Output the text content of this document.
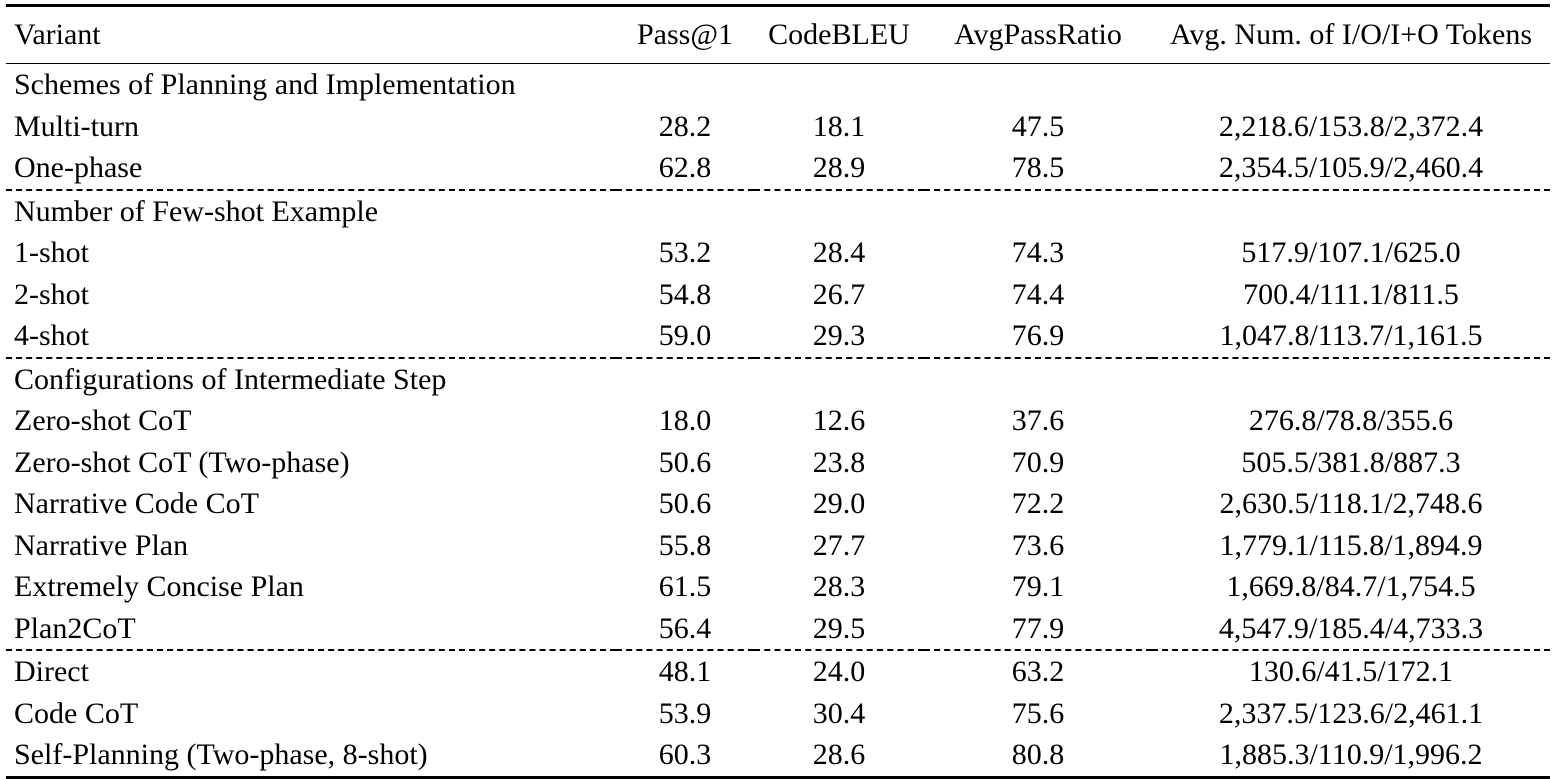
Variant	Pass@1	CodeBLEU	AvgPassRatio	Avg. Num. of I/O/I+O Tokens
Schemes of Planning and Implementation				
Multi-turn	28.2	18.1	47.5	2,218.6/153.8/2,372.4
One-phase	62.8	28.9	78.5	2,354.5/105.9/2,460.4
Number of Few-shot Example				
1-shot	53.2	28.4	74.3	517.9/107.1/625.0
2-shot	54.8	26.7	74.4	700.4/111.1/811.5
4-shot	59.0	29.3	76.9	1,047.8/113.7/1,161.5
Configurations of Intermediate Step				
Zero-shot CoT	18.0	12.6	37.6	276.8/78.8/355.6
Zero-shot CoT (Two-phase)	50.6	23.8	70.9	505.5/381.8/887.3
Narrative Code CoT	50.6	29.0	72.2	2,630.5/118.1/2,748.6
Narrative Plan	55.8	27.7	73.6	1,779.1/115.8/1,894.9
Extremely Concise Plan	61.5	28.3	79.1	1,669.8/84.7/1,754.5
Plan2CoT	56.4	29.5	77.9	4,547.9/185.4/4,733.3
Direct	48.1	24.0	63.2	130.6/41.5/172.1
Code CoT	53.9	30.4	75.6	2,337.5/123.6/2,461.1
Self-Planning (Two-phase, 8-shot)	60.3	28.6	80.8	1,885.3/110.9/1,996.2
